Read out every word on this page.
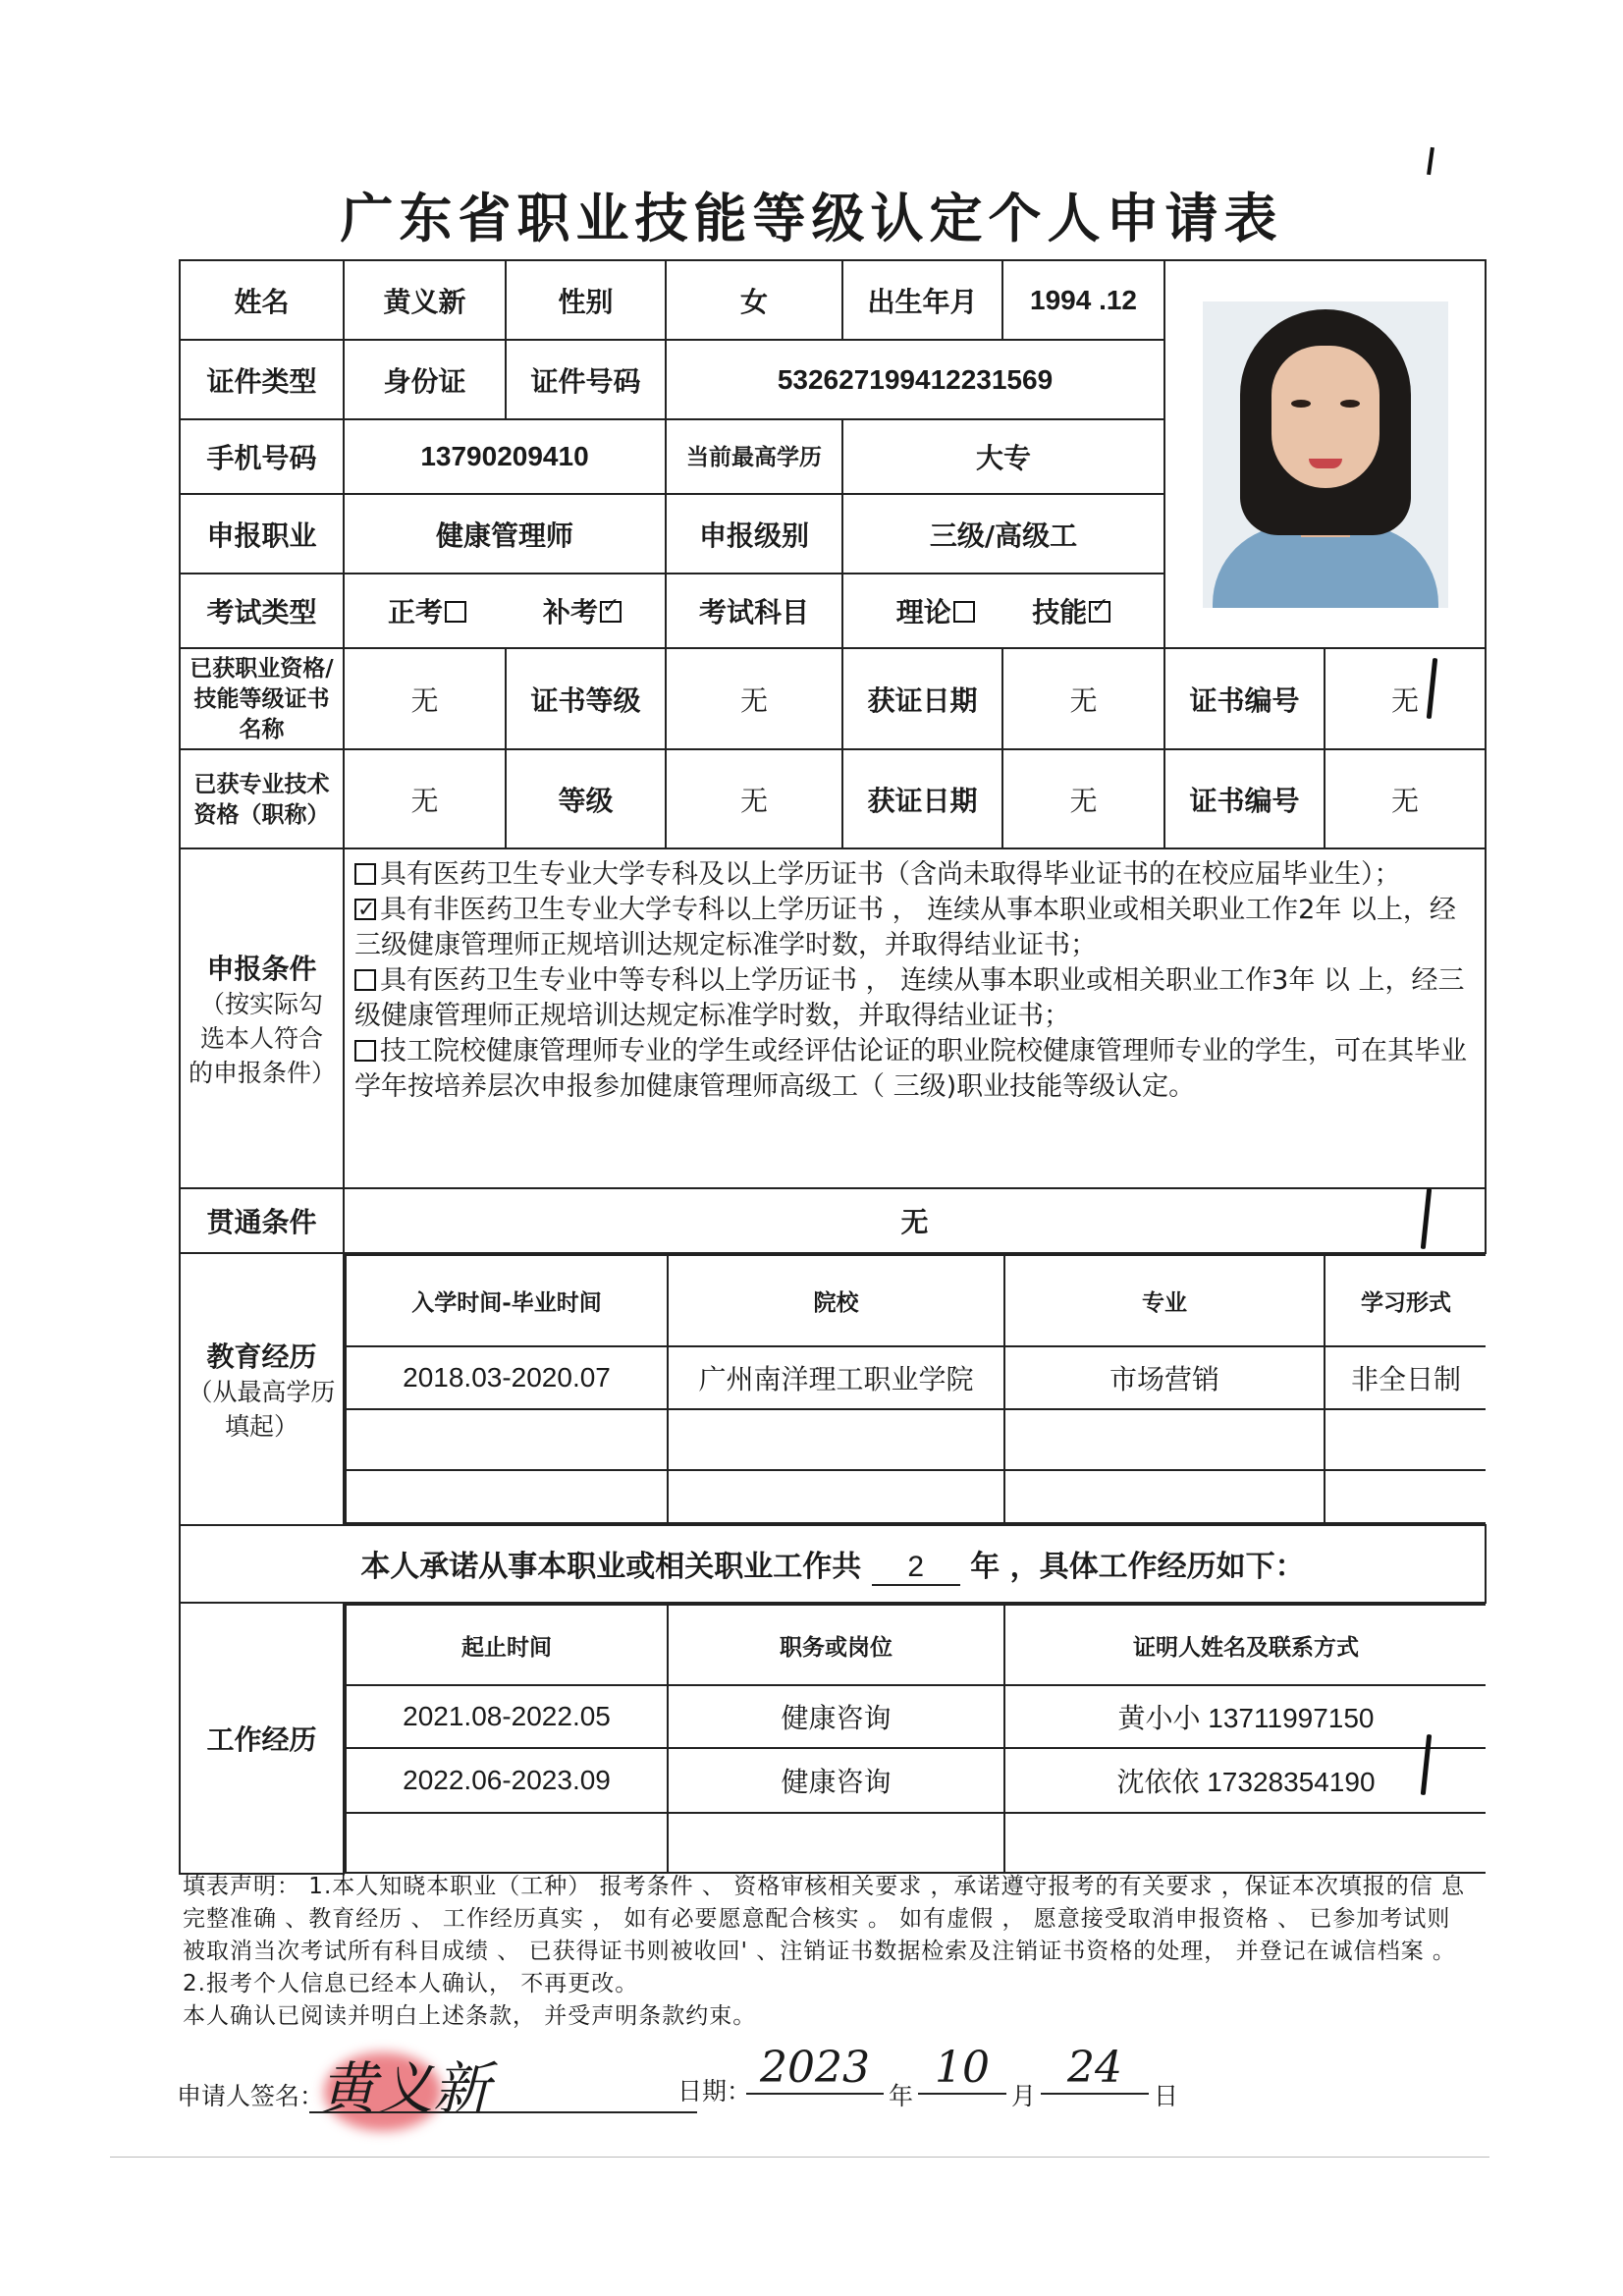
广东省职业技能等级认定个人申请表
姓名	黄义新	性别	女	出生年月	1994 .12	

证件类型	身份证	证件号码	532627199412231569
手机号码	13790209410	当前最高学历	大专
申报职业	健康管理师	申报级别	三级/高级工
考试类型	正考	补考✓	考试科目	理论	技能✓
已获职业资格/技能等级证书名称	无	证书等级	无	获证日期	无	证书编号	无
已获专业技术资格（职称）	无	等级	无	获证日期	无	证书编号	无

申报条件
（按实际勾选本人符合的申报条件）

具有医药卫生专业大学专科及以上学历证书（含尚未取得毕业证书的在校应届毕业生）；

✓具有非医药卫生专业大学专科以上学历证书 ， 连续从事本职业或相关职业工作2年 以上，经三级健康管理师正规培训达规定标准学时数，并取得结业证书；

具有医药卫生专业中等专科以上学历证书 ， 连续从事本职业或相关职业工作3年 以 上，经三级健康管理师正规培训达规定标准学时数，并取得结业证书；

技工院校健康管理师专业的学生或经评估论证的职业院校健康管理师专业的学生，可在其毕业学年按培养层次申报参加健康管理师高级工（ 三级)职业技能等级认定。

贯通条件	无

教育经历
（从最高学历填起）

入学时间-毕业时间	院校	专业	学习形式
2018.03-2020.07	广州南洋理工职业学院	市场营销	非全日制

本人承诺从事本职业或相关职业工作共 2 年 ，具体工作经历如下：
工作经历	
起止时间	职务或岗位	证明人姓名及联系方式
2021.08-2022.05	健康咨询	黄小小 13711997150
2022.06-2023.09	健康咨询	沈依依 17328354190

填表声明： 1.本人知晓本职业（工种） 报考条件 、 资格审核相关要求 ，承诺遵守报考的有关要求 ，保证本次填报的信 息完整准确 、教育经历 、 工作经历真实 ， 如有必要愿意配合核实 。 如有虚假 ， 愿意接受取消申报资格 、 已参加考试则 被取消当次考试所有科目成绩 、 已获得证书则被收回' 、注销证书数据检索及注销证书资格的处理， 并登记在诚信档案 。 2.报考个人信息已经本人确认， 不再更改。

本人确认已阅读并明白上述条款， 并受声明条款约束。

申请人签名：
黄义新	日期： 2023
年
10
月
24
日
